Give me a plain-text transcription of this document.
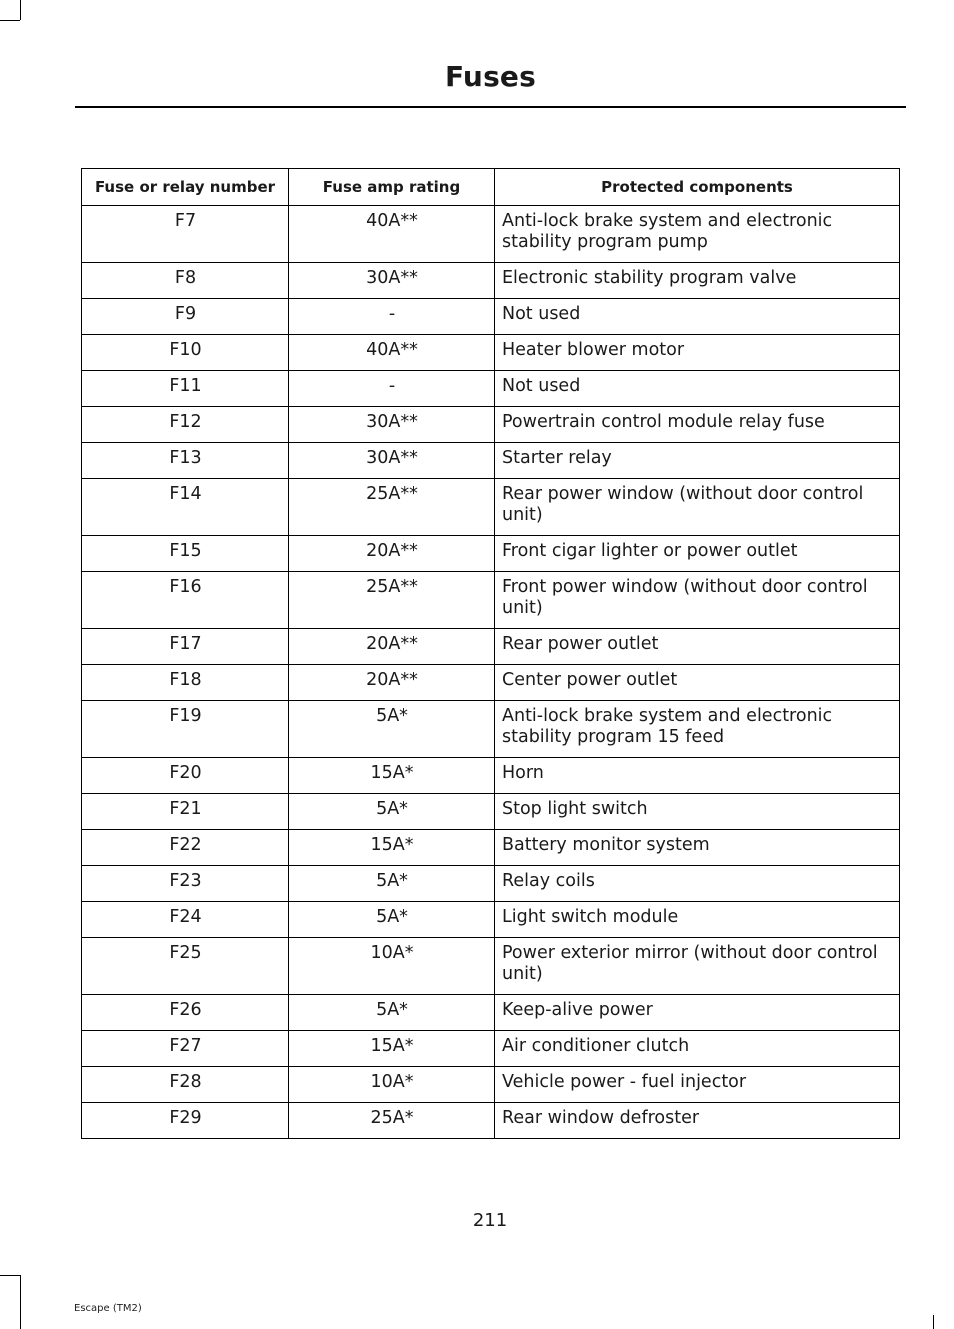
Fuses
Fuse or relay number	Fuse amp rating	Protected components
F7	40A**	Anti-lock brake system and electronic stability program pump
F8	30A**	Electronic stability program valve
F9	-	Not used
F10	40A**	Heater blower motor
F11	-	Not used
F12	30A**	Powertrain control module relay fuse
F13	30A**	Starter relay
F14	25A**	Rear power window (without door control unit)
F15	20A**	Front cigar lighter or power outlet
F16	25A**	Front power window (without door control unit)
F17	20A**	Rear power outlet
F18	20A**	Center power outlet
F19	5A*	Anti-lock brake system and electronic stability program 15 feed
F20	15A*	Horn
F21	5A*	Stop light switch
F22	15A*	Battery monitor system
F23	5A*	Relay coils
F24	5A*	Light switch module
F25	10A*	Power exterior mirror (without door control unit)
F26	5A*	Keep-alive power
F27	15A*	Air conditioner clutch
F28	10A*	Vehicle power - fuel injector
F29	25A*	Rear window defroster
211
Escape (TM2)
